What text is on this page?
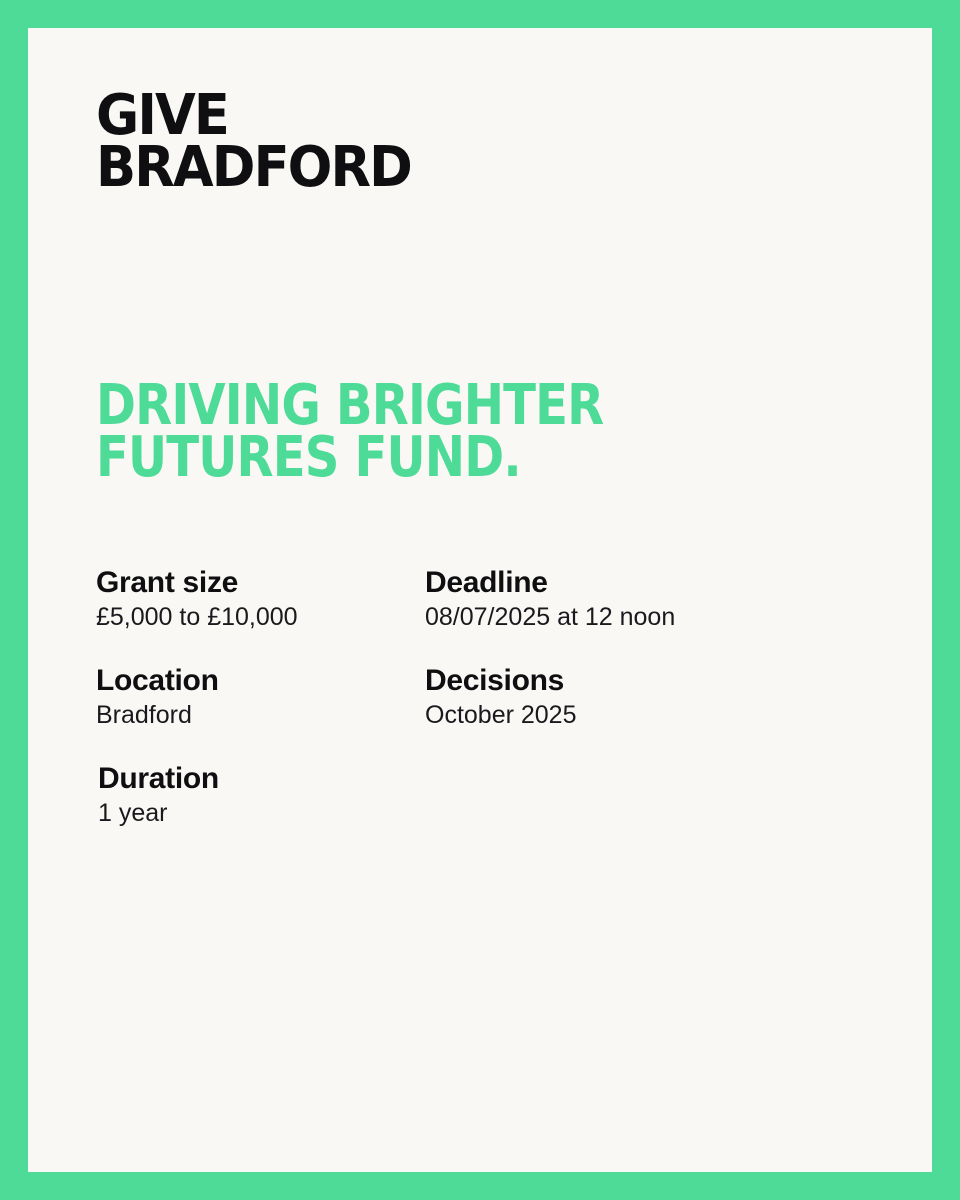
GIVE
BRADFORD
DRIVING BRIGHTER
FUTURES FUND.
Grant size
£5,000 to £10,000
Deadline
08/07/2025 at 12 noon
Location
Bradford
Decisions
October 2025
Duration
1 year
